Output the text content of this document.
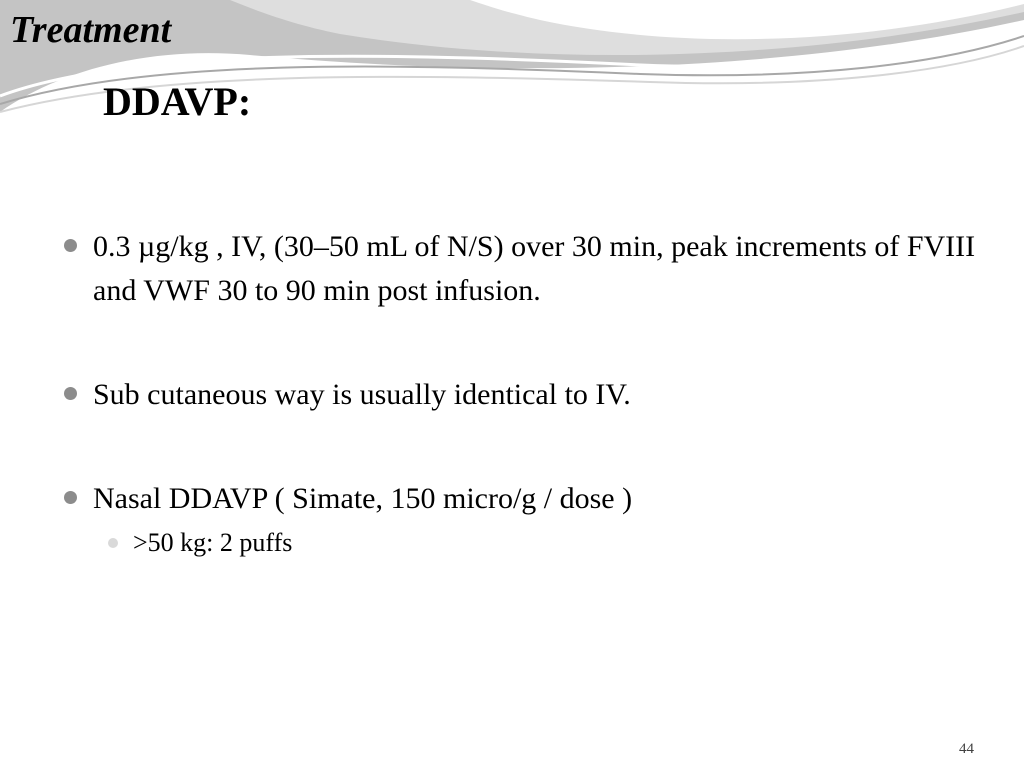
Treatment
DDAVP:
0.3 µg/kg , IV, (30–50 mL of N/S) over 30 min, peak increments of FVIII and VWF 30 to 90 min post infusion.
Sub cutaneous way is usually identical to IV.
Nasal DDAVP ( Simate, 150 micro/g / dose )
>50 kg: 2 puffs
44
